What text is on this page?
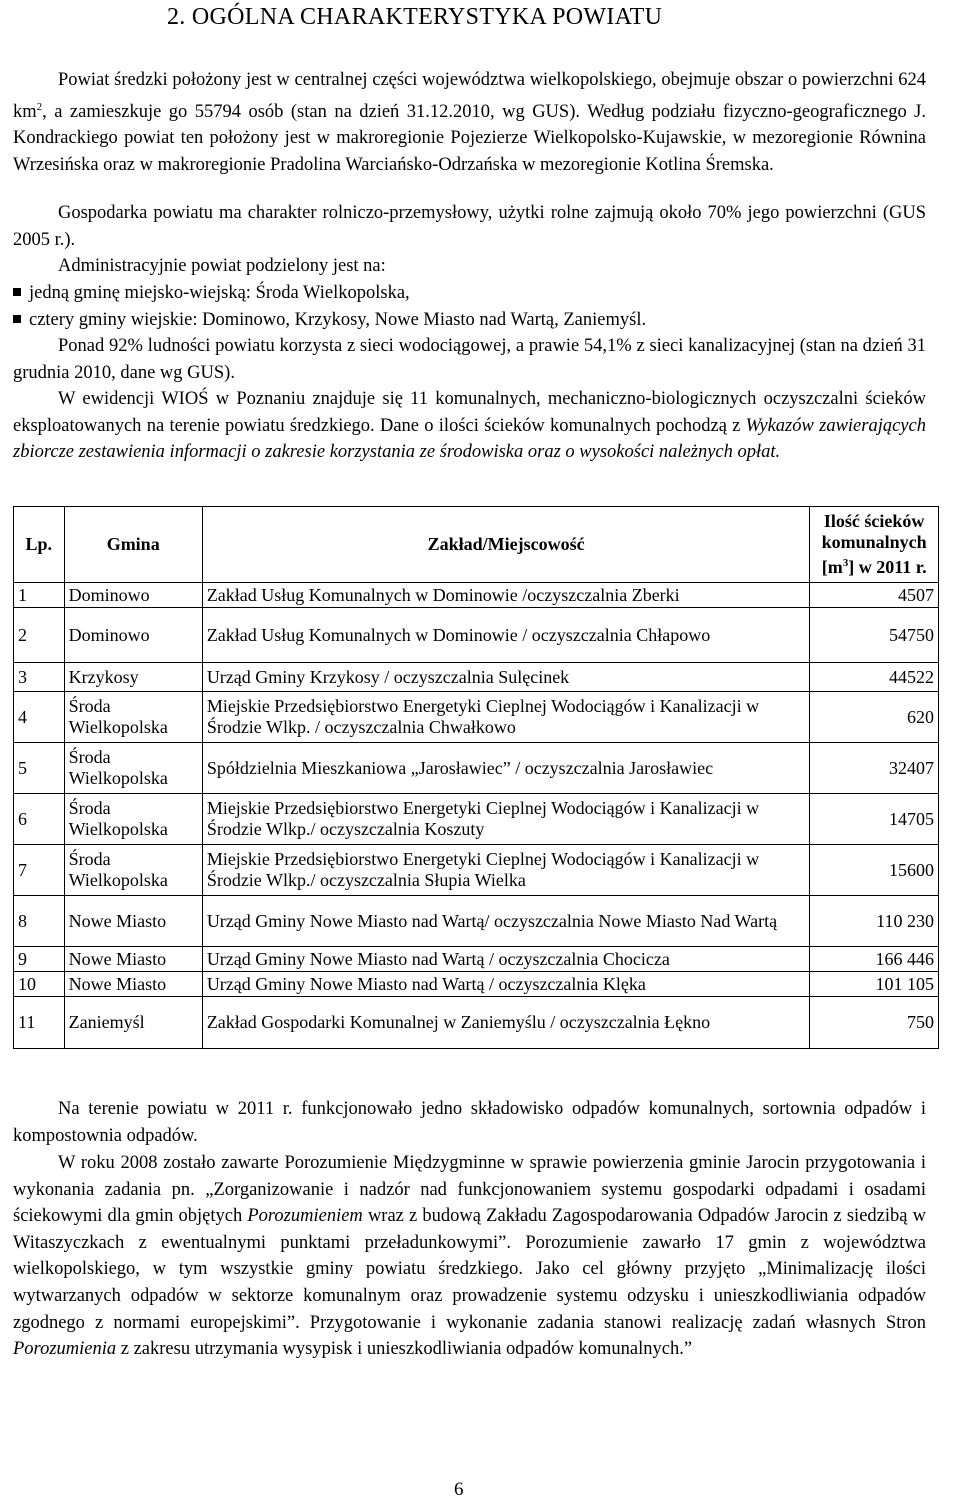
2. OGÓLNA CHARAKTERYSTYKA POWIATU

Powiat średzki położony jest w centralnej części województwa wielkopolskiego, obejmuje obszar o powierzchni 624 $km^2$, a zamieszkuje go 55794 osób (stan na dzień 31.12.2010, wg GUS). Według podziału fizyczno-geograficznego J. Kondrackiego powiat ten położony jest w makroregionie Pojezierze Wielkopolsko-Kujawskie, w mezoregionie Równina Wrzesińska oraz w makroregionie Pradolina Warciańsko-Odrzańska w mezoregionie Kotlina Śremska.

Gospodarka powiatu ma charakter rolniczo-przemysłowy, użytki rolne zajmują około 70% jego powierzchni (GUS 2005 r.).

Administracyjnie powiat podzielony jest na:

jedną gminę miejsko-wiejską: Środa Wielkopolska,

cztery gminy wiejskie: Dominowo, Krzykosy, Nowe Miasto nad Wartą, Zaniemyśl.

Ponad 92% ludności powiatu korzysta z sieci wodociągowej, a prawie 54,1% z sieci kanalizacyjnej (stan na dzień 31 grudnia 2010, dane wg GUS).

W ewidencji WIOŚ w Poznaniu znajduje się 11 komunalnych, mechaniczno-biologicznych oczyszczalni ścieków eksploatowanych na terenie powiatu średzkiego. Dane o ilości ścieków komunalnych pochodzą z Wykazów zawierających zbiorcze zestawienia informacji o zakresie korzystania ze środowiska oraz o wysokości należnych opłat.

Lp.	Gmina	Zakład/Miejscowość	Ilość ścieków komunalnych
$[m^3]$ w 2011 r.
1	Dominowo	Zakład Usług Komunalnych w Dominowie /oczyszczalnia Zberki	4507
2	Dominowo	Zakład Usług Komunalnych w Dominowie / oczyszczalnia Chłapowo	54750
3	Krzykosy	Urząd Gminy Krzykosy / oczyszczalnia Sulęcinek	44522
4	Środa Wielkopolska	Miejskie Przedsiębiorstwo Energetyki Cieplnej Wodociągów i Kanalizacji w Środzie Wlkp. / oczyszczalnia Chwałkowo	620
5	Środa Wielkopolska	Spółdzielnia Mieszkaniowa „Jarosławiec” / oczyszczalnia Jarosławiec	32407
6	Środa Wielkopolska	Miejskie Przedsiębiorstwo Energetyki Cieplnej Wodociągów i Kanalizacji w Środzie Wlkp./ oczyszczalnia Koszuty	14705
7	Środa Wielkopolska	Miejskie Przedsiębiorstwo Energetyki Cieplnej Wodociągów i Kanalizacji w Środzie Wlkp./ oczyszczalnia Słupia Wielka	15600
8	Nowe Miasto	Urząd Gminy Nowe Miasto nad Wartą/ oczyszczalnia Nowe Miasto Nad Wartą	110 230
9	Nowe Miasto	Urząd Gminy Nowe Miasto nad Wartą / oczyszczalnia Chocicza	166 446
10	Nowe Miasto	Urząd Gminy Nowe Miasto nad Wartą / oczyszczalnia Klęka	101 105
11	Zaniemyśl	Zakład Gospodarki Komunalnej w Zaniemyślu / oczyszczalnia Łękno	750

Na terenie powiatu w 2011 r. funkcjonowało jedno składowisko odpadów komunalnych, sortownia odpadów i kompostownia odpadów.

W roku 2008 zostało zawarte Porozumienie Międzygminne w sprawie powierzenia gminie Jarocin przygotowania i wykonania zadania pn. „Zorganizowanie i nadzór nad funkcjonowaniem systemu gospodarki odpadami i osadami ściekowymi dla gmin objętych Porozumieniem wraz z budową Zakładu Zagospodarowania Odpadów Jarocin z siedzibą w Witaszyczkach z ewentualnymi punktami przeładunkowymi”. Porozumienie zawarło 17 gmin z województwa wielkopolskiego, w tym wszystkie gminy powiatu średzkiego. Jako cel główny przyjęto „Minimalizację ilości wytwarzanych odpadów w sektorze komunalnym oraz prowadzenie systemu odzysku i unieszkodliwiania odpadów zgodnego z normami europejskimi”. Przygotowanie i wykonanie zadania stanowi realizację zadań własnych Stron Porozumienia z zakresu utrzymania wysypisk i unieszkodliwiania odpadów komunalnych.”

6
